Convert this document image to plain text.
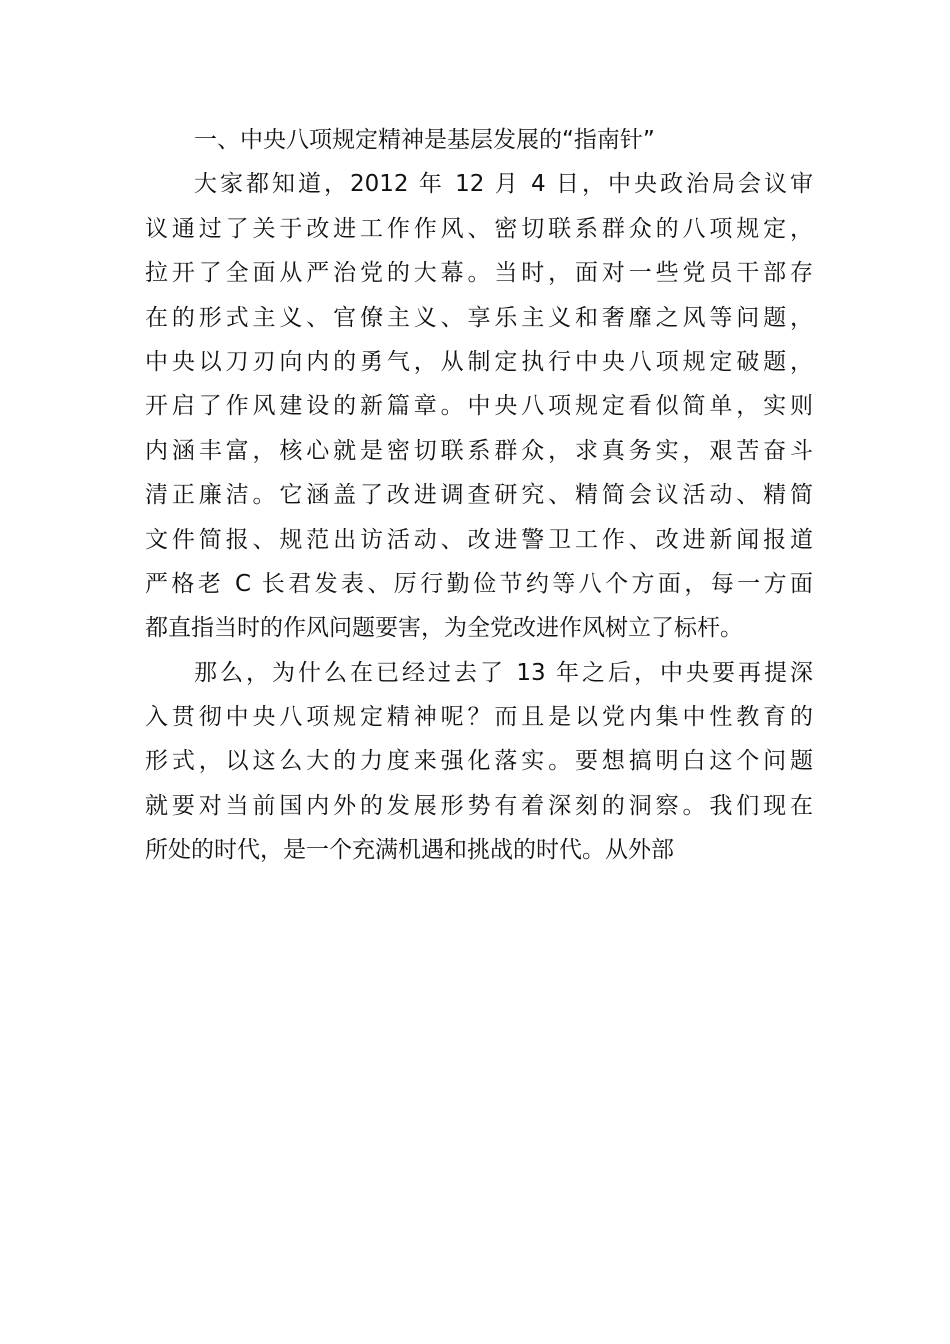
一、中央八项规定精神是基层发展的“指南针”
大家都知道，2012 年 12 月 4 日，中央政治局会议审
议通过了关于改进工作作风、密切联系群众的八项规定，
拉开了全面从严治党的大幕。当时，面对一些党员干部存
在的形式主义、官僚主义、享乐主义和奢靡之风等问题，
中央以刀刃向内的勇气，从制定执行中央八项规定破题，
开启了作风建设的新篇章。中央八项规定看似简单，实则
内涵丰富，核心就是密切联系群众，求真务实，艰苦奋斗
清正廉洁。它涵盖了改进调查研究、精简会议活动、精简
文件简报、规范出访活动、改进警卫工作、改进新闻报道
严格老 C 长君发表、厉行勤俭节约等八个方面，每一方面
都直指当时的作风问题要害，为全党改进作风树立了标杆。
那么，为什么在已经过去了 13 年之后，中央要再提深
入贯彻中央八项规定精神呢？而且是以党内集中性教育的
形式，以这么大的力度来强化落实。要想搞明白这个问题
就要对当前国内外的发展形势有着深刻的洞察。我们现在
所处的时代，是一个充满机遇和挑战的时代。从外部
